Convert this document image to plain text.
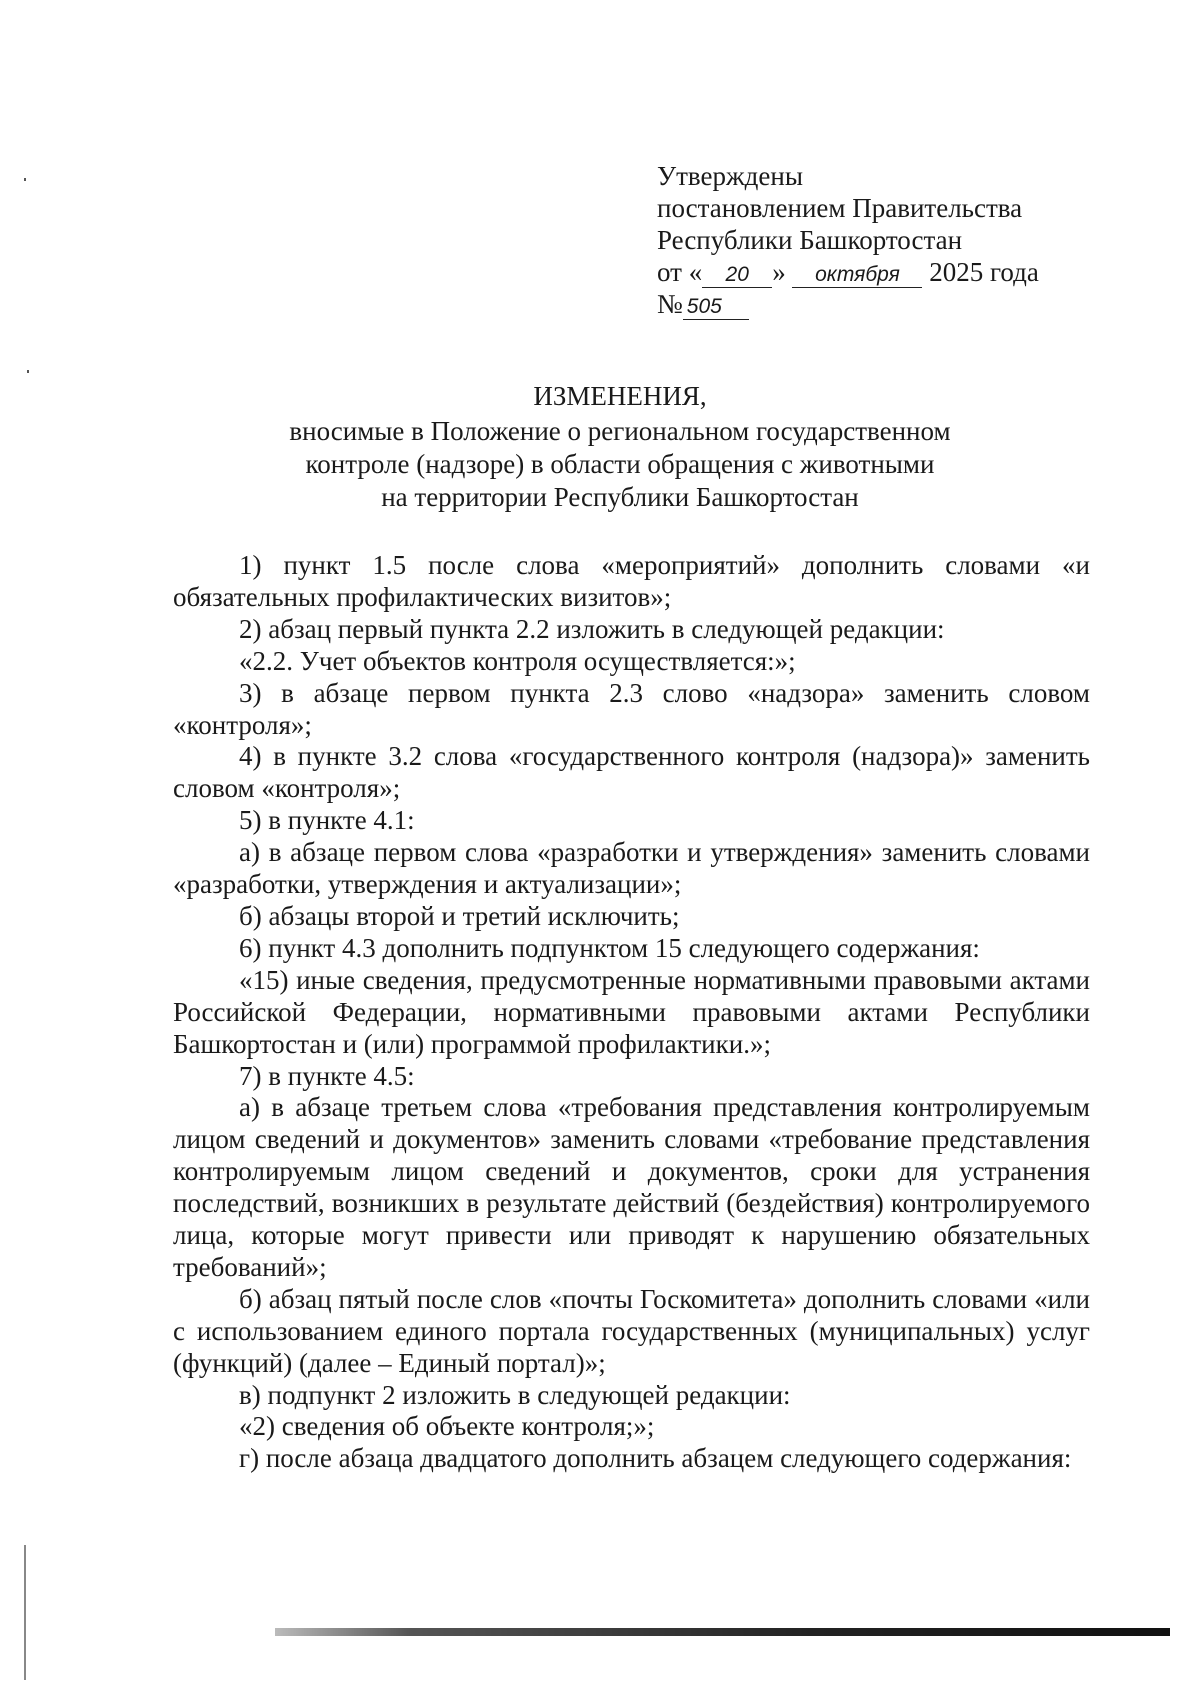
Утверждены
постановлением Правительства
Республики Башкортостан
от « 20 » октября 2025 года
№ 505
ИЗМЕНЕНИЯ,
вносимые в Положение о региональном государственном
контроле (надзоре) в области обращения с животными
на территории Республики Башкортостан

1) пункт 1.5 после слова «мероприятий» дополнить словами «и обязательных профилактических визитов»;

2) абзац первый пункта 2.2 изложить в следующей редакции:

«2.2. Учет объектов контроля осуществляется:»;

3) в абзаце первом пункта 2.3 слово «надзора» заменить словом «контроля»;

4) в пункте 3.2 слова «государственного контроля (надзора)» заменить словом «контроля»;

5) в пункте 4.1:

а) в абзаце первом слова «разработки и утверждения» заменить словами «разработки, утверждения и актуализации»;

б) абзацы второй и третий исключить;

6) пункт 4.3 дополнить подпунктом 15 следующего содержания:

«15) иные сведения, предусмотренные нормативными правовыми актами Российской Федерации, нормативными правовыми актами Республики Башкортостан и (или) программой профилактики.»;

7) в пункте 4.5:

а) в абзаце третьем слова «требования представления контролируемым лицом сведений и документов» заменить словами «требование представления контролируемым лицом сведений и документов, сроки для устранения последствий, возникших в результате действий (бездействия) контролируемого лица, которые могут привести или приводят к нарушению обязательных требований»;

б) абзац пятый после слов «почты Госкомитета» дополнить словами «или с использованием единого портала государственных (муниципальных) услуг (функций) (далее – Единый портал)»;

в) подпункт 2 изложить в следующей редакции:

«2) сведения об объекте контроля;»;

г) после абзаца двадцатого дополнить абзацем следующего содержания:
